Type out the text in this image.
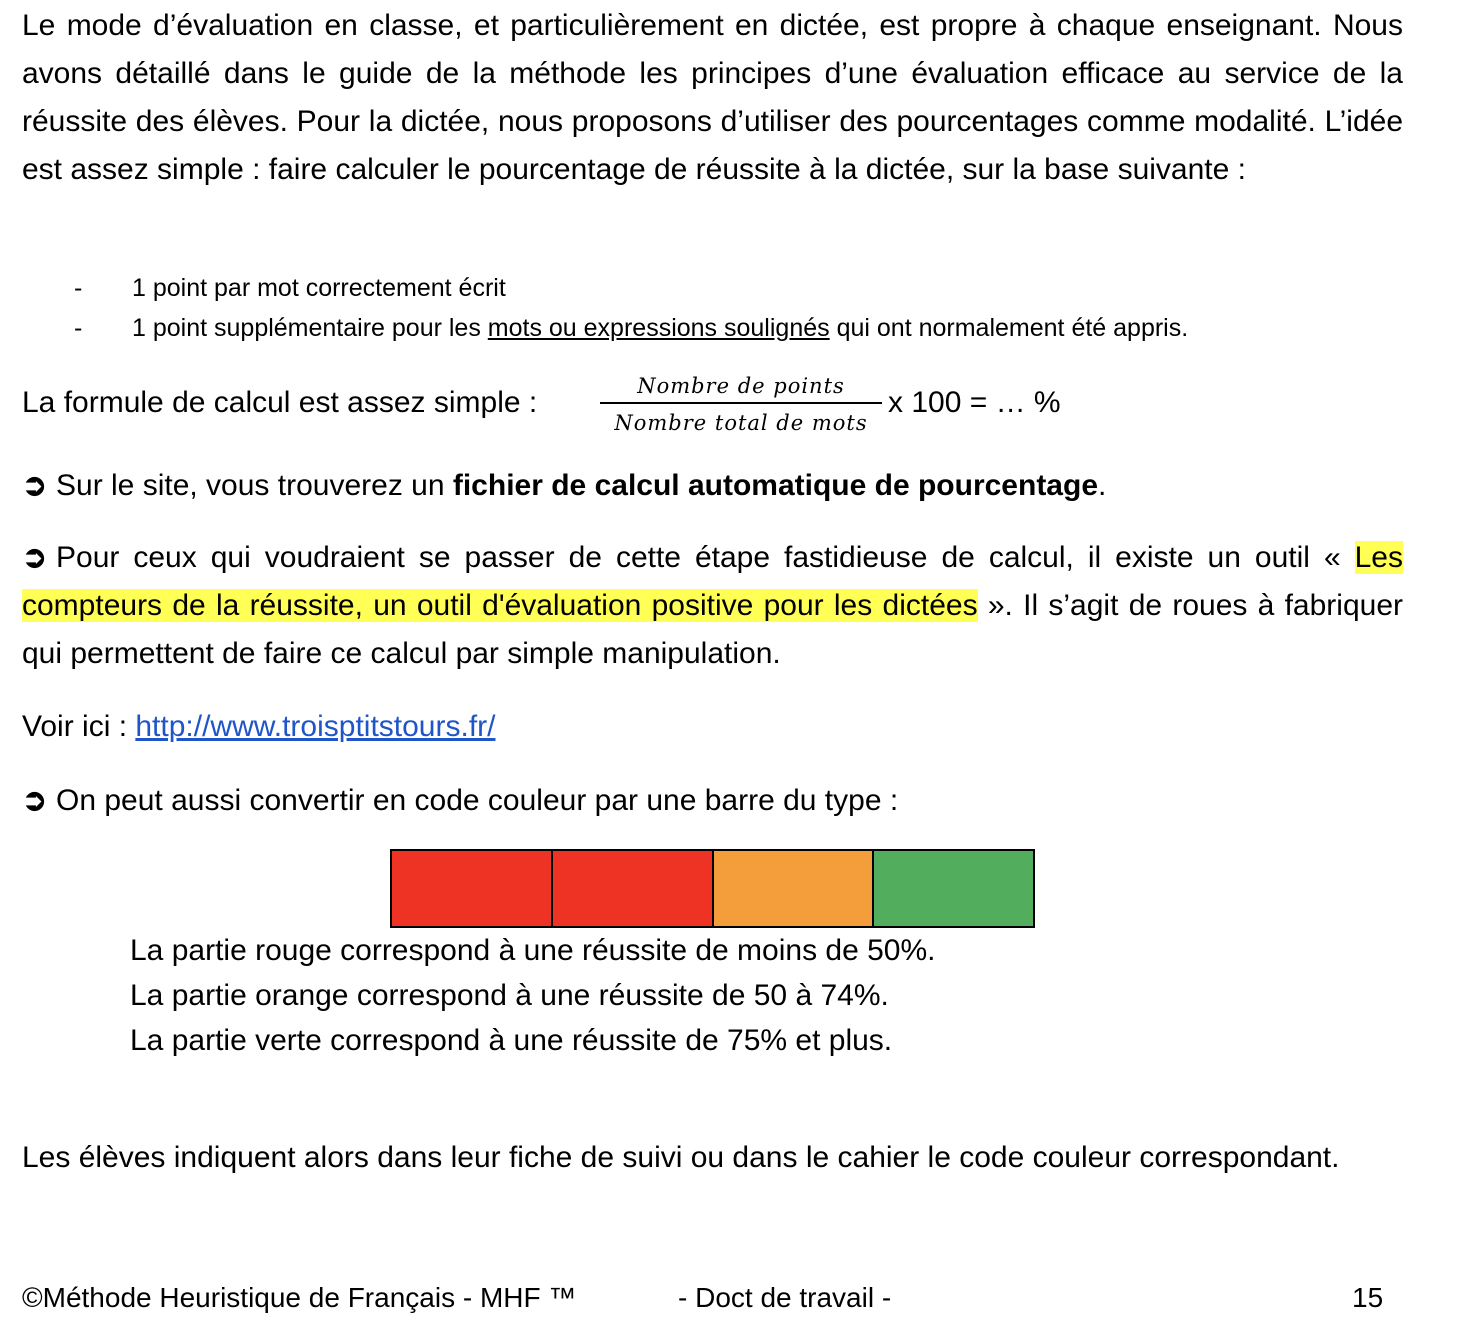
Le mode d’évaluation en classe, et particulièrement en dictée, est propre à chaque enseignant. Nous avons détaillé dans le guide de la méthode les principes d’une évaluation efficace au service de la réussite des élèves. Pour la dictée, nous proposons d’utiliser des pourcentages comme modalité. L’idée est assez simple : faire calculer le pourcentage de réussite à la dictée, sur la base suivante :

- 1 point par mot correctement écrit
- 1 point supplémentaire pour les mots ou expressions soulignés qui ont normalement été appris.
La formule de calcul est assez simple :	Nombre de points
Nombre total de mots
x 100 = … %

➲ Sur le site, vous trouverez un fichier de calcul automatique de pourcentage.

➲ Pour ceux qui voudraient se passer de cette étape fastidieuse de calcul, il existe un outil « Les compteurs de la réussite, un outil d'évaluation positive pour les dictées ». Il s’agit de roues à fabriquer qui permettent de faire ce calcul par simple manipulation.

Voir ici : http://www.troisptitstours.fr/

➲ On peut aussi convertir en code couleur par une barre du type :

La partie rouge correspond à une réussite de moins de 50%.
La partie orange correspond à une réussite de 50 à 74%.
La partie verte correspond à une réussite de 75% et plus.

Les élèves indiquent alors dans leur fiche de suivi ou dans le cahier le code couleur correspondant.

©Méthode Heuristique de Français - MHF ™	- Doct de travail -	15
